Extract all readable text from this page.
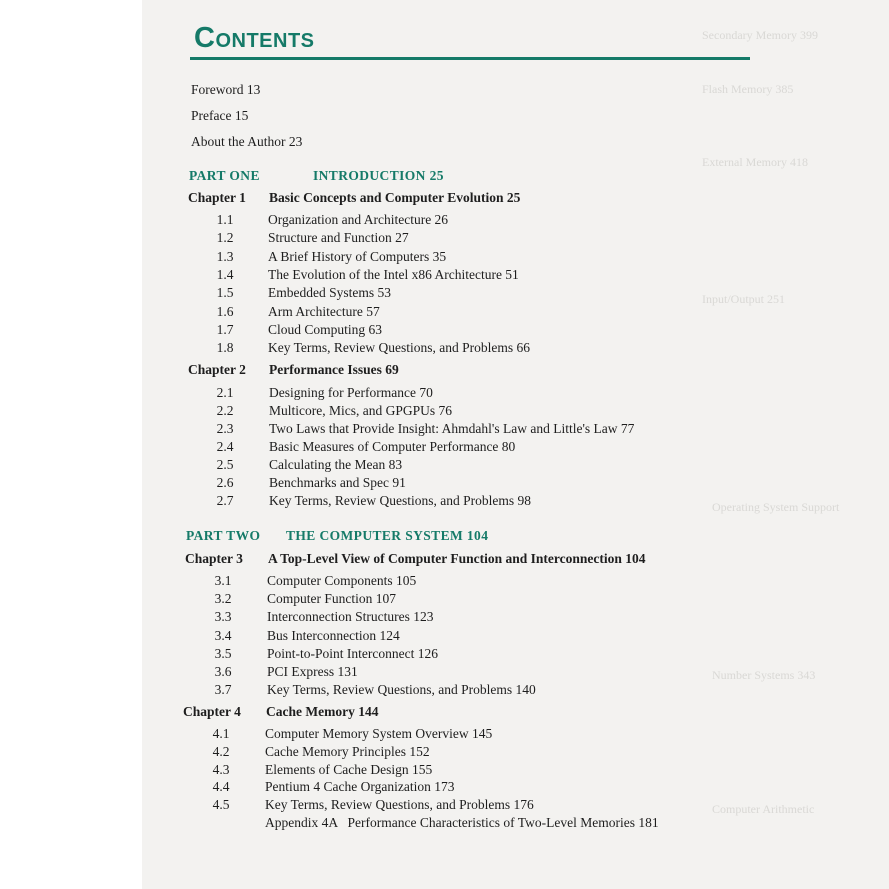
Secondary Memory 399
Flash Memory 385
External Memory 418
Input/Output 251
Operating System Support
Number Systems 343
Computer Arithmetic
Contents
Foreword 13
Preface 15
About the Author 23
PART ONE	INTRODUCTION 25
Chapter 1 Basic Concepts and Computer Evolution 25
1.1	Organization and Architecture 26
1.2	Structure and Function 27
1.3	A Brief History of Computers 35
1.4	The Evolution of the Intel x86 Architecture 51
1.5	Embedded Systems 53
1.6	Arm Architecture 57
1.7	Cloud Computing 63
1.8	Key Terms, Review Questions, and Problems 66
Chapter 2 Performance Issues 69
2.1	Designing for Performance 70
2.2	Multicore, Mics, and GPGPUs 76
2.3	Two Laws that Provide Insight: Ahmdahl's Law and Little's Law 77
2.4	Basic Measures of Computer Performance 80
2.5	Calculating the Mean 83
2.6	Benchmarks and Spec 91
2.7	Key Terms, Review Questions, and Problems 98
PART TWO THE COMPUTER SYSTEM 104
Chapter 3 A Top-Level View of Computer Function and Interconnection 104
3.1	Computer Components 105
3.2	Computer Function 107
3.3	Interconnection Structures 123
3.4	Bus Interconnection 124
3.5	Point-to-Point Interconnect 126
3.6	PCI Express 131
3.7	Key Terms, Review Questions, and Problems 140
Chapter 4 Cache Memory 144
4.1	Computer Memory System Overview 145
4.2	Cache Memory Principles 152
4.3	Elements of Cache Design 155
4.4	Pentium 4 Cache Organization 173
4.5	Key Terms, Review Questions, and Problems 176
Appendix 4A   Performance Characteristics of Two-Level Memories 181
